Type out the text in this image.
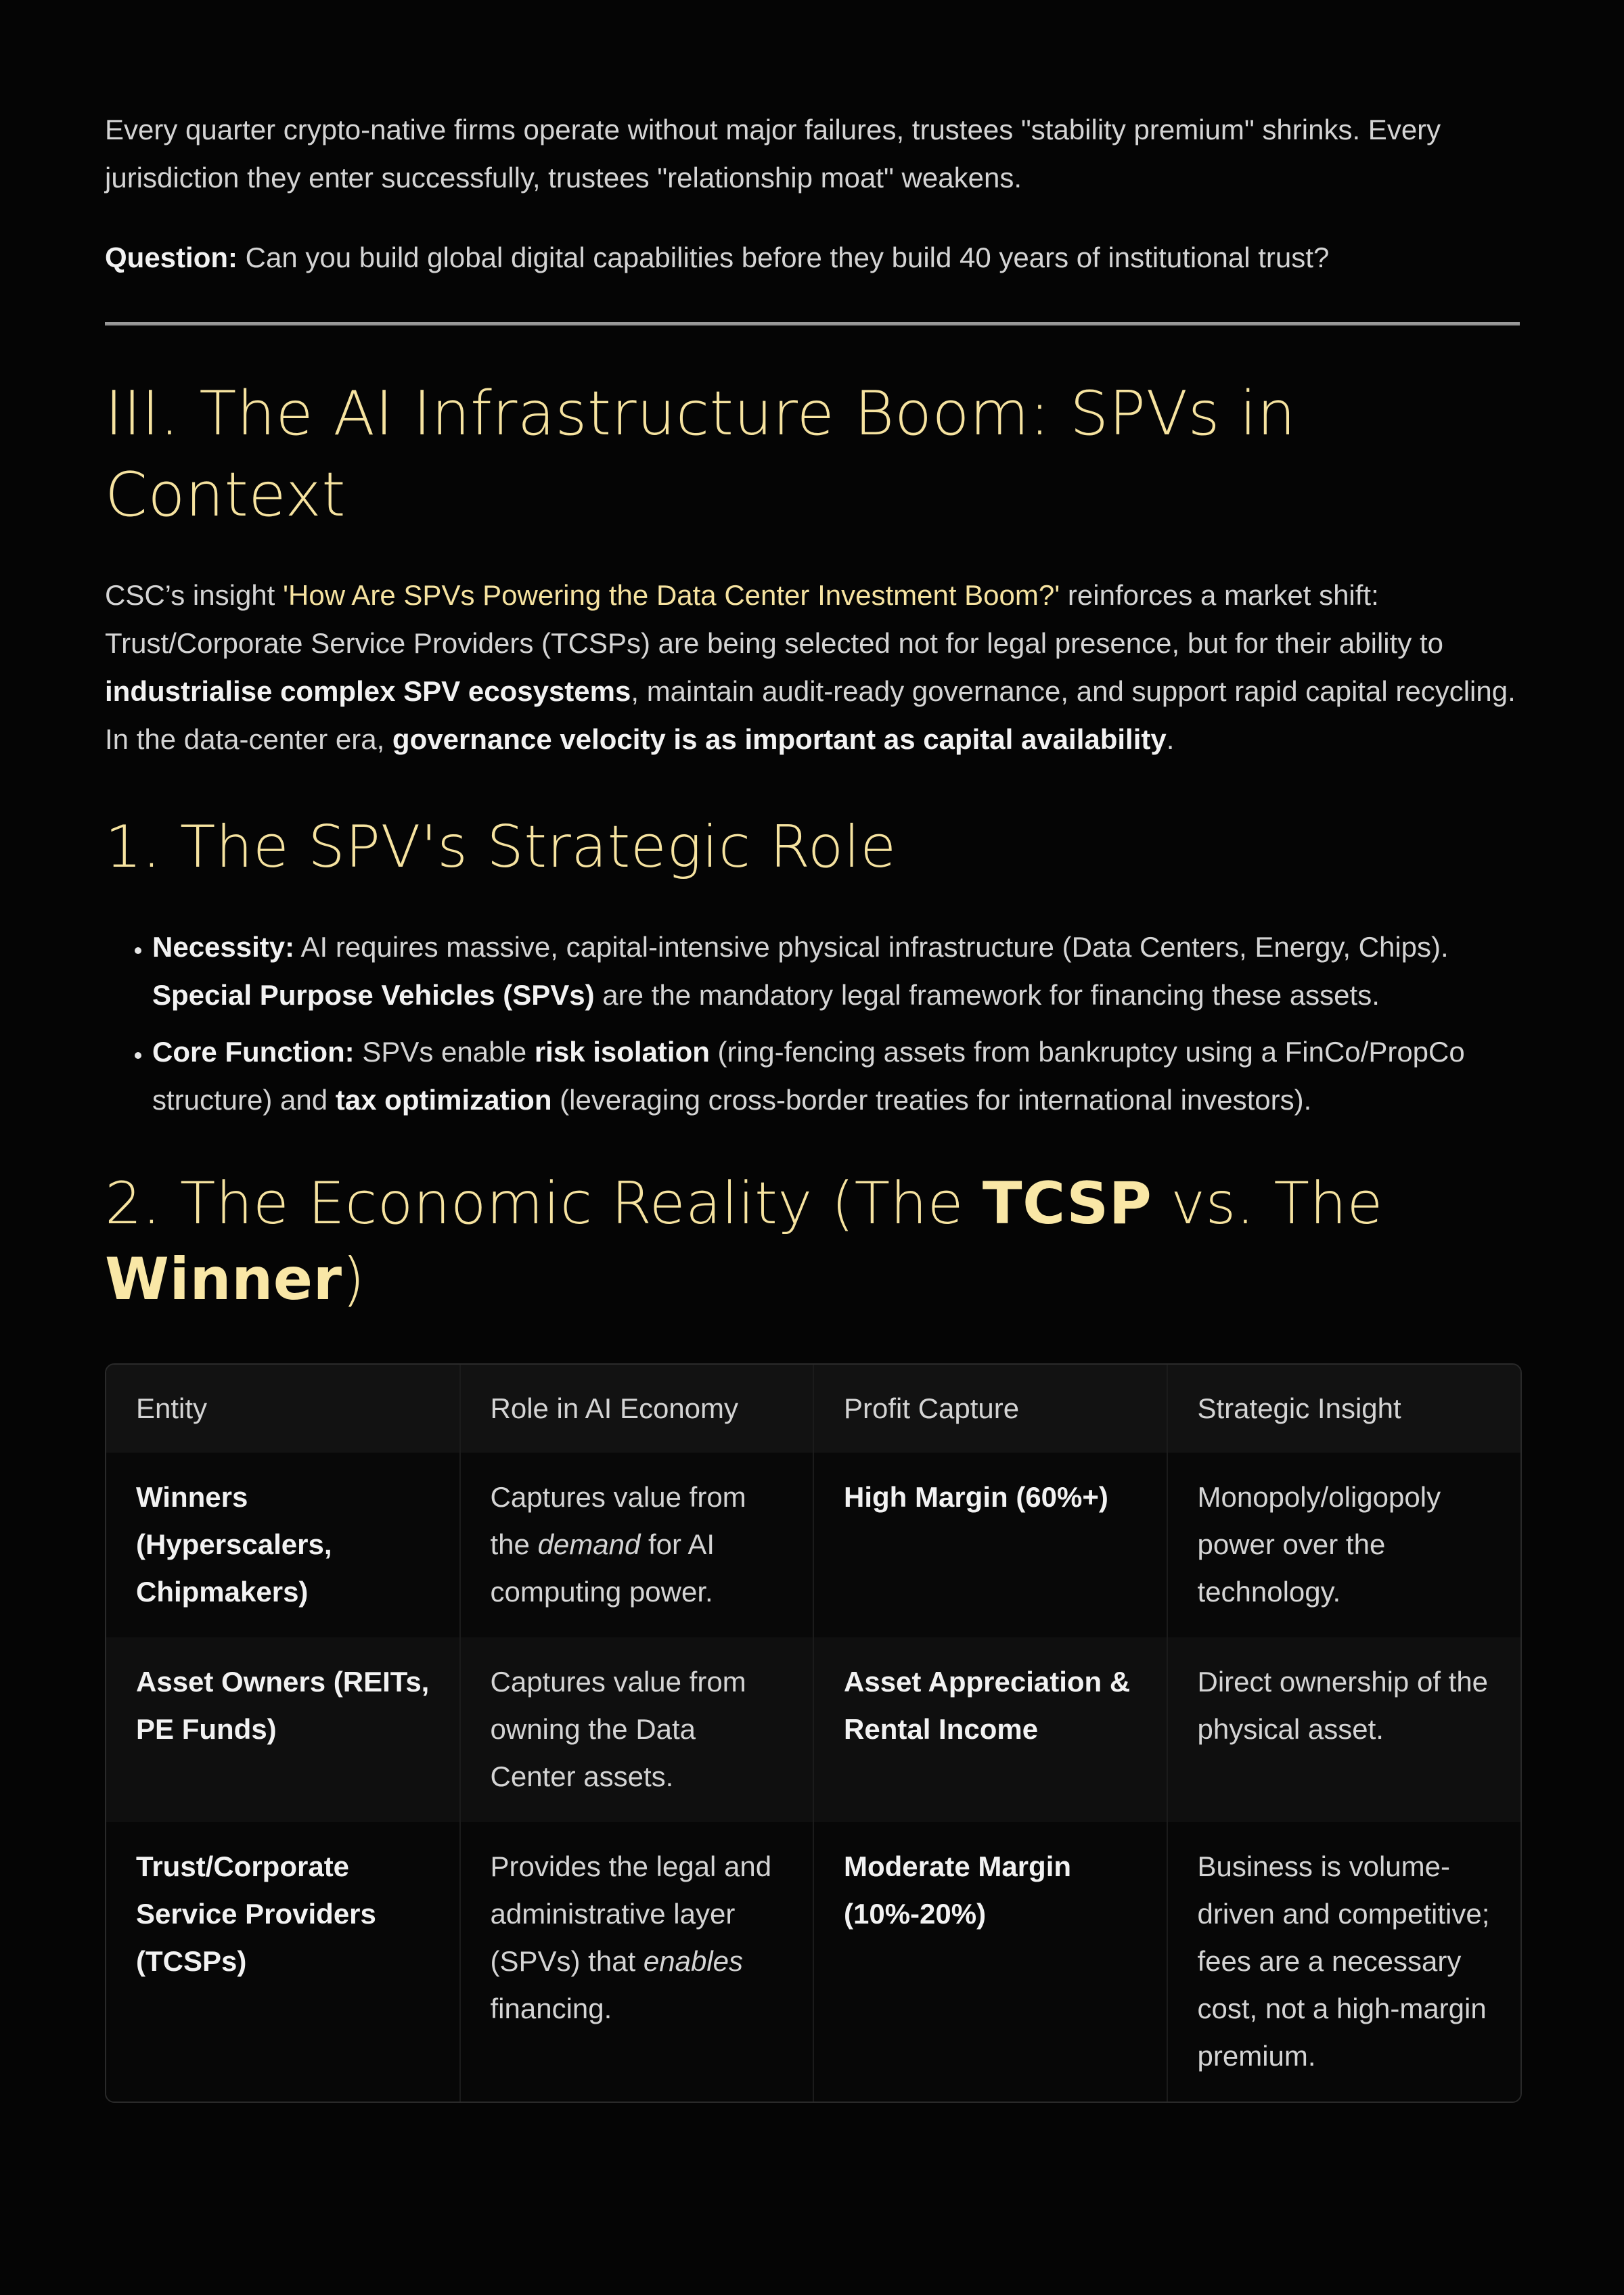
Every quarter crypto-native firms operate without major failures, trustees "stability premium" shrinks. Every jurisdiction they enter successfully, trustees "relationship moat" weakens.

Question: Can you build global digital capabilities before they build 40 years of institutional trust?

III. The AI Infrastructure Boom: SPVs in Context

CSC’s insight 'How Are SPVs Powering the Data Center Investment Boom?' reinforces a market shift: Trust/Corporate Service Providers (TCSPs) are being selected not for legal presence, but for their ability to industrialise complex SPV ecosystems, maintain audit-ready governance, and support rapid capital recycling. In the data-center era, governance velocity is as important as capital availability.

1. The SPV's Strategic Role
• Necessity: AI requires massive, capital-intensive physical infrastructure (Data Centers, Energy, Chips). Special Purpose Vehicles (SPVs) are the mandatory legal framework for financing these assets.
• Core Function: SPVs enable risk isolation (ring-fencing assets from bankruptcy using a FinCo/PropCo structure) and tax optimization (leveraging cross-border treaties for international investors).
2. The Economic Reality (The TCSP vs. The Winner)
Entity	Role in AI Economy	Profit Capture	Strategic Insight
Winners (Hyperscalers, Chipmakers)	Captures value from the demand for AI computing power.	High Margin (60%+)	Monopoly/oligopoly power over the technology.
Asset Owners (REITs, PE Funds)	Captures value from owning the Data Center assets.	Asset Appreciation & Rental Income	Direct ownership of the physical asset.
Trust/Corporate Service Providers (TCSPs)	Provides the legal and administrative layer (SPVs) that enables financing.	Moderate Margin (10%-20%)	Business is volume-driven and competitive; fees are a necessary cost, not a high-margin premium.
